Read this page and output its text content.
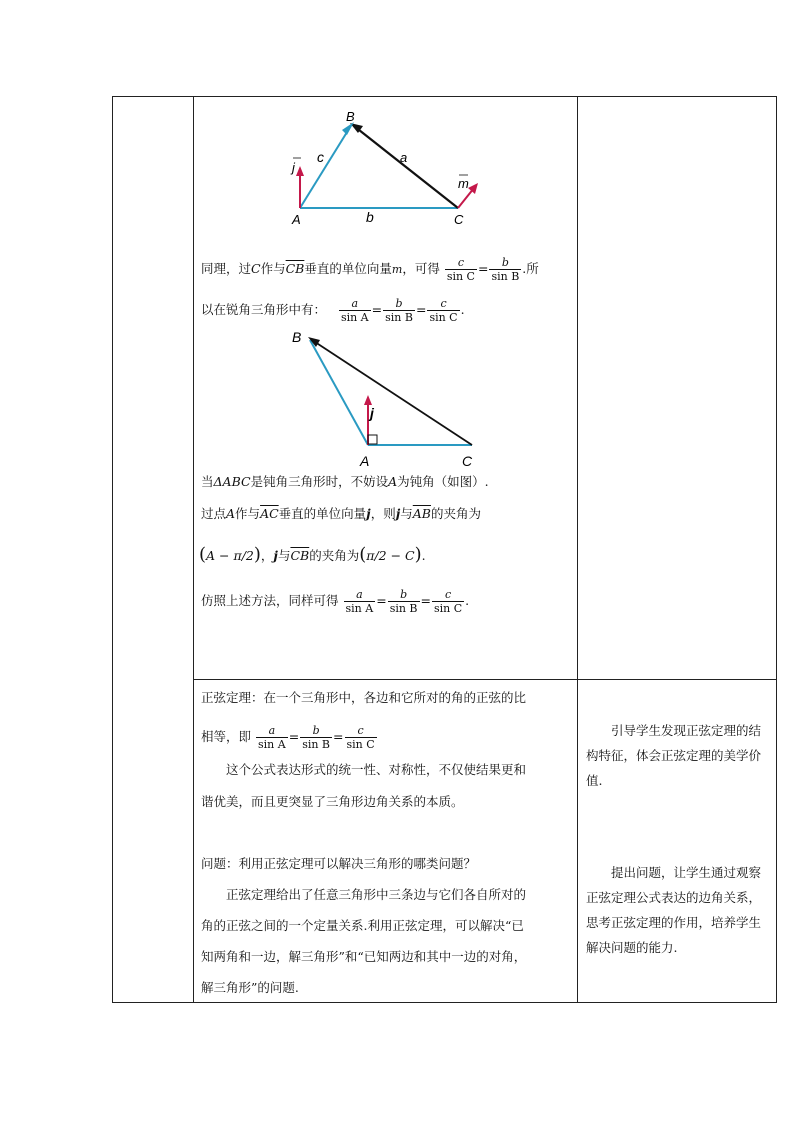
B
A	C
a
b
c
j
m
同理，过C作与$\overline{CB}$垂直的单位向量m，可得 $\frac{c}{\text{sin C}} = \frac{b}{\text{sin B}}$ .所
以在锐角三角形中有： $\frac{a}{\text{sin A}} = \frac{b}{\text{sin B}} = \frac{c}{\text{sin C}}$ .
B
A	C
j
当ΔABC是钝角三角形时，不妨设A为钝角（如图）.
过点A作与$\overline{AC}$垂直的单位向量j，则j与$\overline{AB}$的夹角为
(A − π/2)，j与$\overline{CB}$的夹角为(π/2 − C).
仿照上述方法，同样可得 $\frac{a}{\text{sin A}} = \frac{b}{\text{sin B}} = \frac{c}{\text{sin C}}$ .
正弦定理：在一个三角形中，各边和它所对的角的正弦的比
相等，即 $\frac{a}{\text{sin A}} = \frac{b}{\text{sin B}} = \frac{c}{\text{sin C}}$
这个公式表达形式的统一性、对称性，不仅使结果更和
谐优美，而且更突显了三角形边角关系的本质。
问题：利用正弦定理可以解决三角形的哪类问题？
正弦定理给出了任意三角形中三条边与它们各自所对的
角的正弦之间的一个定量关系.利用正弦定理，可以解决“已
知两角和一边，解三角形”和“已知两边和其中一边的对角，
解三角形”的问题.
引导学生发现正弦定理的结构特征，体会正弦定理的美学价值.
提出问题，让学生通过观察正弦定理公式表达的边角关系，思考正弦定理的作用，培养学生解决问题的能力.
